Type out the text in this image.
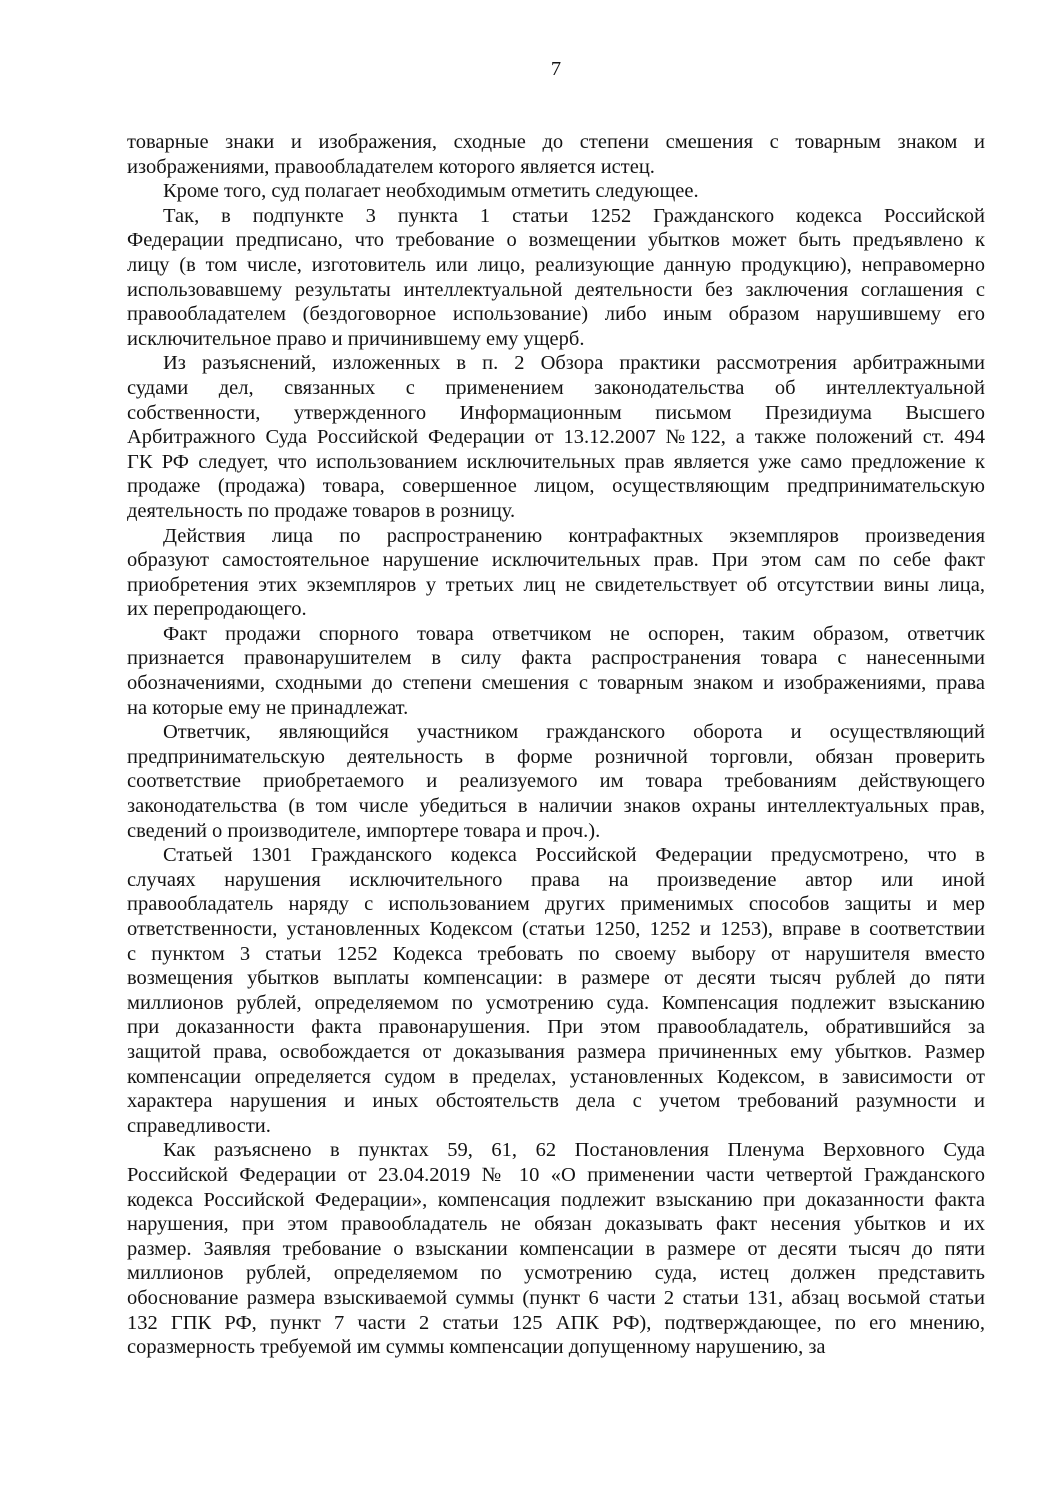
7
товарные знаки и изображения, сходные до степени смешения с товарным знаком и
изображениями, правообладателем которого является истец.
Кроме того, суд полагает необходимым отметить следующее.
Так, в подпункте 3 пункта 1 статьи 1252 Гражданского кодекса Российской
Федерации предписано, что требование о возмещении убытков может быть предъявлено к
лицу (в том числе, изготовитель или лицо, реализующие данную продукцию), неправомерно
использовавшему результаты интеллектуальной деятельности без заключения соглашения с
правообладателем (бездоговорное использование) либо иным образом нарушившему его
исключительное право и причинившему ему ущерб.
Из разъяснений, изложенных в п. 2 Обзора практики рассмотрения арбитражными
судами дел, связанных с применением законодательства об интеллектуальной
собственности, утвержденного Информационным письмом Президиума Высшего
Арбитражного Суда Российской Федерации от 13.12.2007 №122, а также положений ст. 494
ГК РФ следует, что использованием исключительных прав является уже само предложение к
продаже (продажа) товара, совершенное лицом, осуществляющим предпринимательскую
деятельность по продаже товаров в розницу.
Действия лица по распространению контрафактных экземпляров произведения
образуют самостоятельное нарушение исключительных прав. При этом сам по себе факт
приобретения этих экземпляров у третьих лиц не свидетельствует об отсутствии вины лица,
их перепродающего.
Факт продажи спорного товара ответчиком не оспорен, таким образом, ответчик
признается правонарушителем в силу факта распространения товара с нанесенными
обозначениями, сходными до степени смешения с товарным знаком и изображениями, права
на которые ему не принадлежат.
Ответчик, являющийся участником гражданского оборота и осуществляющий
предпринимательскую деятельность в форме розничной торговли, обязан проверить
соответствие приобретаемого и реализуемого им товара требованиям действующего
законодательства (в том числе убедиться в наличии знаков охраны интеллектуальных прав,
сведений о производителе, импортере товара и проч.).
Статьей 1301 Гражданского кодекса Российской Федерации предусмотрено, что в
случаях нарушения исключительного права на произведение автор или иной
правообладатель наряду с использованием других применимых способов защиты и мер
ответственности, установленных Кодексом (статьи 1250, 1252 и 1253), вправе в соответствии
с пунктом 3 статьи 1252 Кодекса требовать по своему выбору от нарушителя вместо
возмещения убытков выплаты компенсации: в размере от десяти тысяч рублей до пяти
миллионов рублей, определяемом по усмотрению суда. Компенсация подлежит взысканию
при доказанности факта правонарушения. При этом правообладатель, обратившийся за
защитой права, освобождается от доказывания размера причиненных ему убытков. Размер
компенсации определяется судом в пределах, установленных Кодексом, в зависимости от
характера нарушения и иных обстоятельств дела с учетом требований разумности и
справедливости.
Как разъяснено в пунктах 59, 61, 62 Постановления Пленума Верховного Суда
Российской Федерации от 23.04.2019 № 10 «О применении части четвертой Гражданского
кодекса Российской Федерации», компенсация подлежит взысканию при доказанности факта
нарушения, при этом правообладатель не обязан доказывать факт несения убытков и их
размер. Заявляя требование о взыскании компенсации в размере от десяти тысяч до пяти
миллионов рублей, определяемом по усмотрению суда, истец должен представить
обоснование размера взыскиваемой суммы (пункт 6 части 2 статьи 131, абзац восьмой статьи
132 ГПК РФ, пункт 7 части 2 статьи 125 АПК РФ), подтверждающее, по его мнению,
соразмерность требуемой им суммы компенсации допущенному нарушению, за
